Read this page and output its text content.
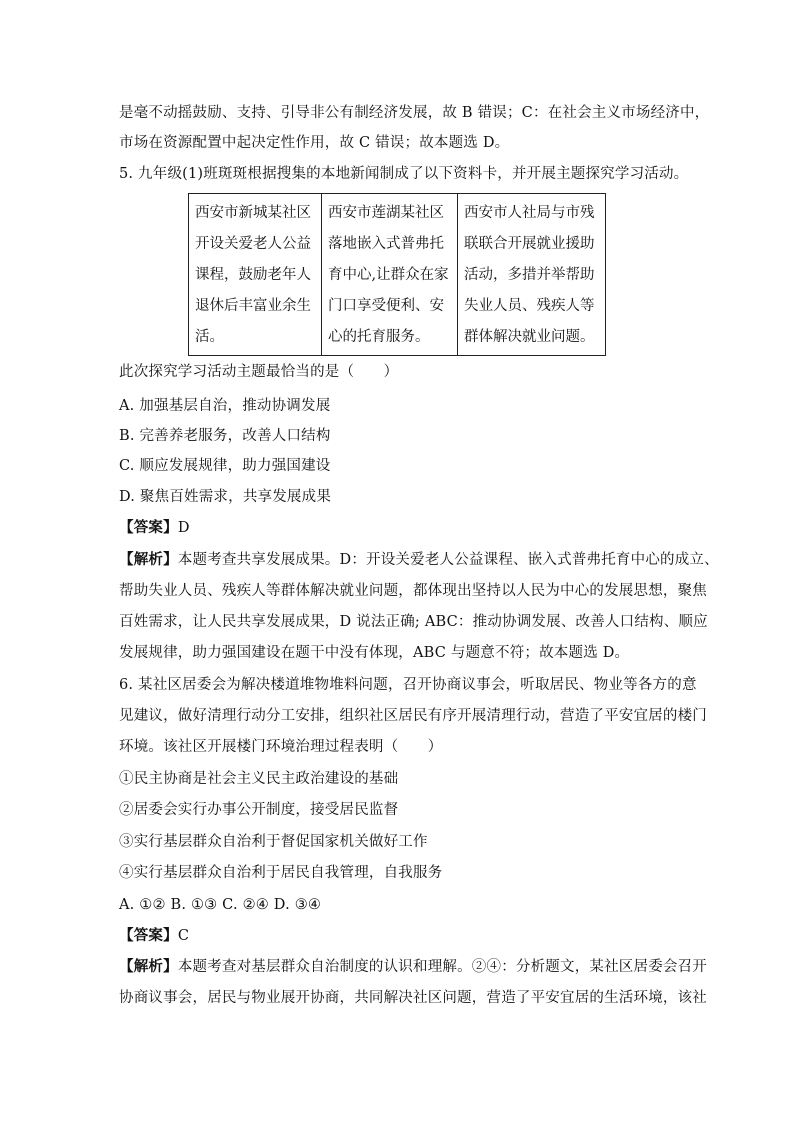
是毫不动摇鼓励、支持、引导非公有制经济发展，故 B 错误；C：在社会主义市场经济中，
市场在资源配置中起决定性作用，故 C 错误；故本题选 D。
5. 九年级(1)班斑斑根据搜集的本地新闻制成了以下资料卡，并开展主题探究学习活动。
西安市新城某社区开设关爱老人公益课程，鼓励老年人退休后丰富业余生活。	西安市莲湖某社区落地嵌入式普弗托育中心,让群众在家门口享受便利、安心的托育服务。	西安市人社局与市残联联合开展就业援助活动，多措并举帮助失业人员、残疾人等群体解决就业问题。
此次探究学习活动主题最恰当的是（　　）
A. 加强基层自治，推动协调发展
B. 完善养老服务，改善人口结构
C. 顺应发展规律，助力强国建设
D. 聚焦百姓需求，共享发展成果
【答案】D
【解析】本题考查共享发展成果。D：开设关爱老人公益课程、嵌入式普弗托育中心的成立、
帮助失业人员、残疾人等群体解决就业问题，都体现出坚持以人民为中心的发展思想，聚焦
百姓需求，让人民共享发展成果，D 说法正确; ABC：推动协调发展、改善人口结构、顺应
发展规律，助力强国建设在题干中没有体现，ABC 与题意不符；故本题选 D。
6. 某社区居委会为解决楼道堆物堆料问题，召开协商议事会，听取居民、物业等各方的意
见建议，做好清理行动分工安排，组织社区居民有序开展清理行动，营造了平安宜居的楼门
环境。该社区开展楼门环境治理过程表明（　　）
①民主协商是社会主义民主政治建设的基础
②居委会实行办事公开制度，接受居民监督
③实行基层群众自治利于督促国家机关做好工作
④实行基层群众自治利于居民自我管理，自我服务
A. ①② B. ①③ C. ②④ D. ③④
【答案】C
【解析】本题考查对基层群众自治制度的认识和理解。②④：分析题文，某社区居委会召开
协商议事会，居民与物业展开协商，共同解决社区问题，营造了平安宜居的生活环境，该社
